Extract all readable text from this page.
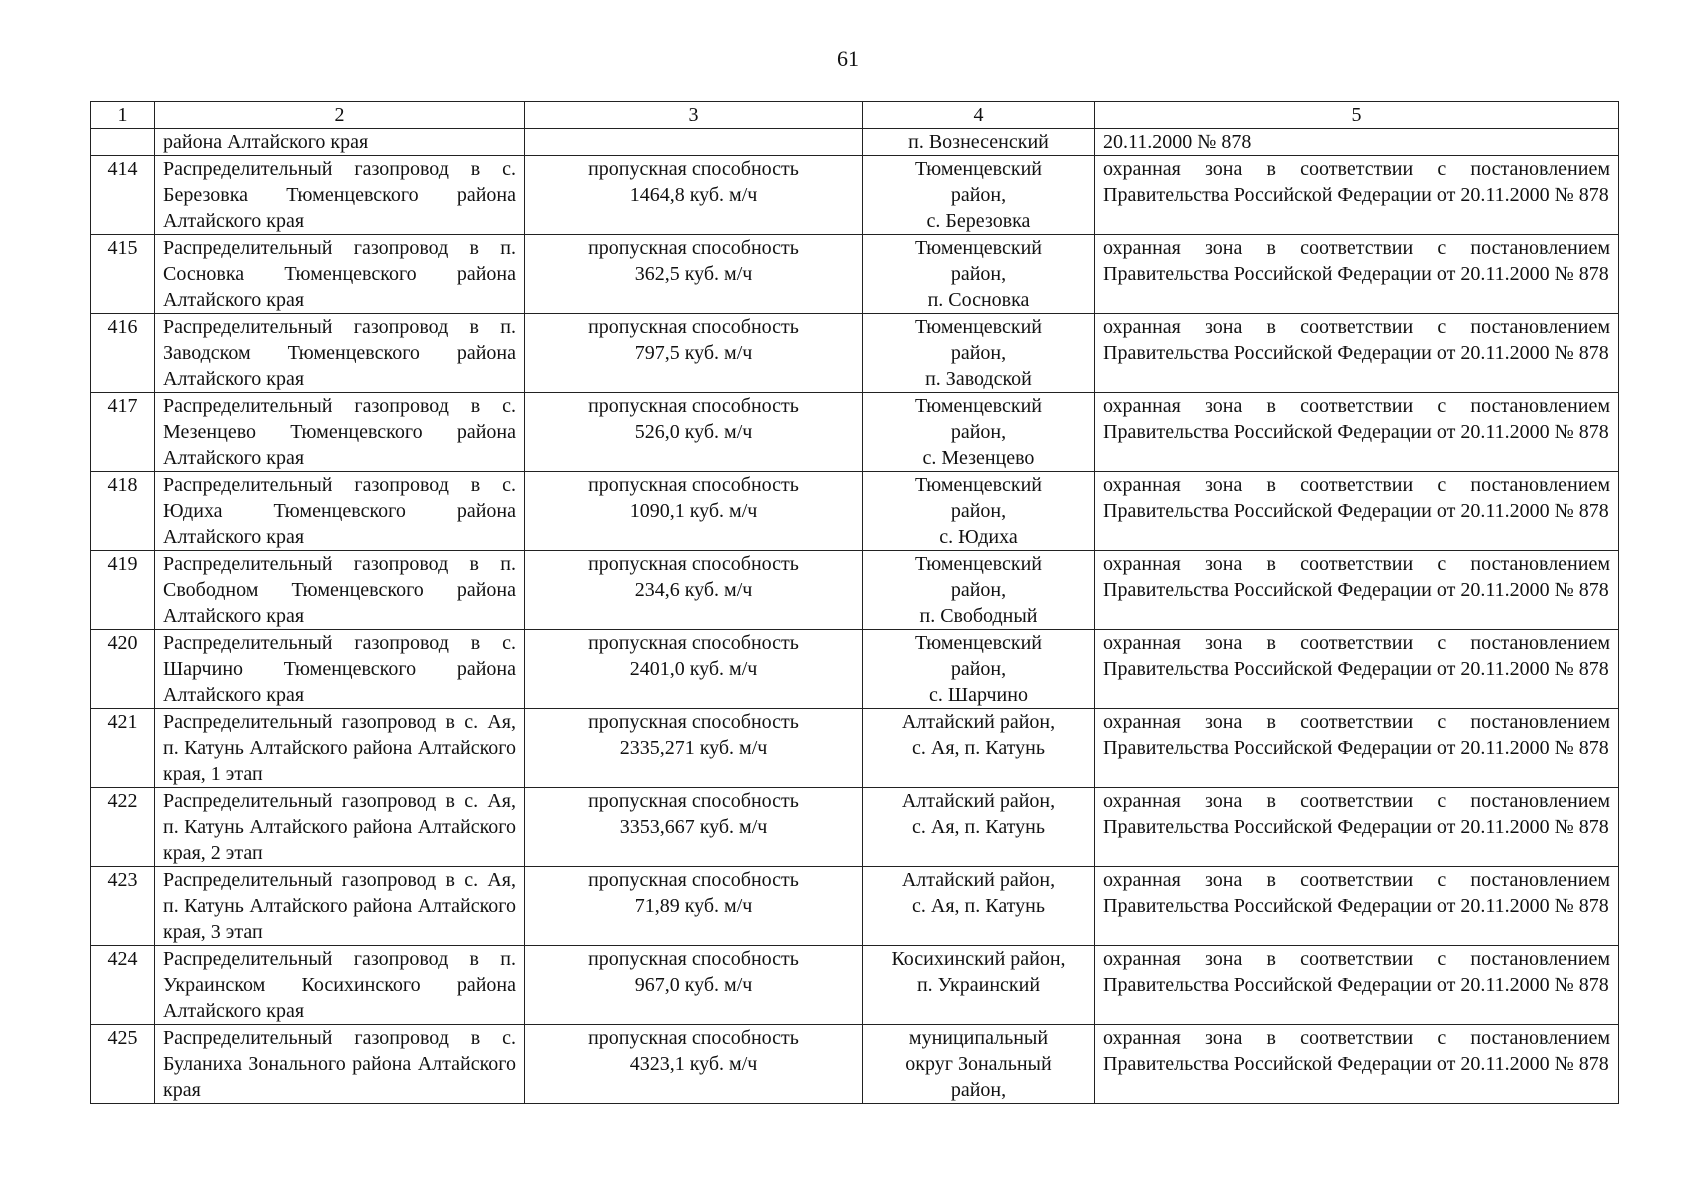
61
1	2	3	4	5
	района Алтайского края		п. Вознесенский	20.11.2000 № 878
414	Распределительный газопровод в с. Березовка Тюменцевского района Алтайского края	пропускная способность
1464,8 куб. м/ч	Тюменцевский
район,
с. Березовка	охранная зона в соответствии с постановлением Правительства Российской Федерации от 20.11.2000 № 878
415	Распределительный газопровод в п. Сосновка Тюменцевского района Алтайского края	пропускная способность
362,5 куб. м/ч	Тюменцевский
район,
п. Сосновка	охранная зона в соответствии с постановлением Правительства Российской Федерации от 20.11.2000 № 878
416	Распределительный газопровод в п. Заводском Тюменцевского района Алтайского края	пропускная способность
797,5 куб. м/ч	Тюменцевский
район,
п. Заводской	охранная зона в соответствии с постановлением Правительства Российской Федерации от 20.11.2000 № 878
417	Распределительный газопровод в с. Мезенцево Тюменцевского района Алтайского края	пропускная способность
526,0 куб. м/ч	Тюменцевский
район,
с. Мезенцево	охранная зона в соответствии с постановлением Правительства Российской Федерации от 20.11.2000 № 878
418	Распределительный газопровод в с. Юдиха Тюменцевского района Алтайского края	пропускная способность
1090,1 куб. м/ч	Тюменцевский
район,
с. Юдиха	охранная зона в соответствии с постановлением Правительства Российской Федерации от 20.11.2000 № 878
419	Распределительный газопровод в п. Свободном Тюменцевского района Алтайского края	пропускная способность
234,6 куб. м/ч	Тюменцевский
район,
п. Свободный	охранная зона в соответствии с постановлением Правительства Российской Федерации от 20.11.2000 № 878
420	Распределительный газопровод в с. Шарчино Тюменцевского района Алтайского края	пропускная способность
2401,0 куб. м/ч	Тюменцевский
район,
с. Шарчино	охранная зона в соответствии с постановлением Правительства Российской Федерации от 20.11.2000 № 878
421	Распределительный газопровод в с. Ая, п. Катунь Алтайского района Алтайского края, 1 этап	пропускная способность
2335,271 куб. м/ч	Алтайский район,
с. Ая, п. Катунь	охранная зона в соответствии с постановлением Правительства Российской Федерации от 20.11.2000 № 878
422	Распределительный газопровод в с. Ая, п. Катунь Алтайского района Алтайского края, 2 этап	пропускная способность
3353,667 куб. м/ч	Алтайский район,
с. Ая, п. Катунь	охранная зона в соответствии с постановлением Правительства Российской Федерации от 20.11.2000 № 878
423	Распределительный газопровод в с. Ая, п. Катунь Алтайского района Алтайского края, 3 этап	пропускная способность
71,89 куб. м/ч	Алтайский район,
с. Ая, п. Катунь	охранная зона в соответствии с постановлением Правительства Российской Федерации от 20.11.2000 № 878
424	Распределительный газопровод в п. Украинском Косихинского района Алтайского края	пропускная способность
967,0 куб. м/ч	Косихинский район,
п. Украинский	охранная зона в соответствии с постановлением Правительства Российской Федерации от 20.11.2000 № 878
425	Распределительный газопровод в с. Буланиха Зонального района Алтайского края	пропускная способность
4323,1 куб. м/ч	муниципальный
округ Зональный
район,	охранная зона в соответствии с постановлением Правительства Российской Федерации от 20.11.2000 № 878
